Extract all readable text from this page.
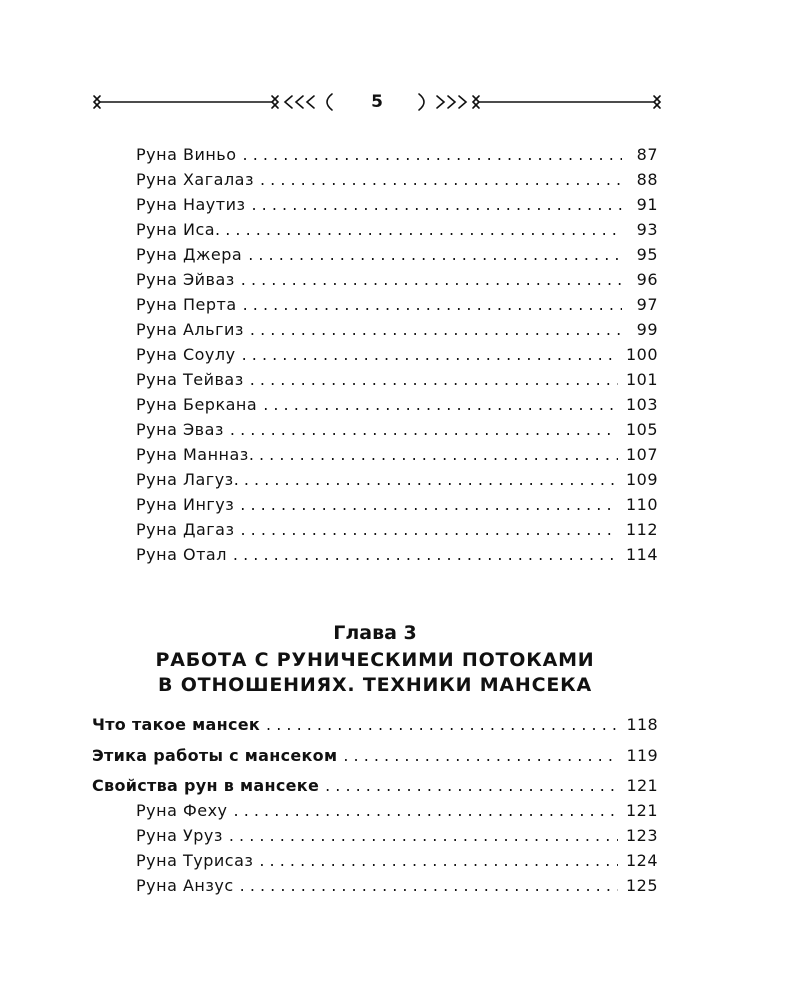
5
Руна Виньо . . .	87
Руна Хагалаз . . .	88
Руна Наутиз . . .	91
Руна Иса . . .	93
Руна Джера . . .	95
Руна Эйваз . . .	96
Руна Перта . . .	97
Руна Альгиз . . .	99
Руна Соулу . . .	100
Руна Тейваз . . .	101
Руна Беркана . . .	103
Руна Эваз . . .	105
Руна Манназ . . .	107
Руна Лагуз . . .	109
Руна Ингуз . . .	110
Руна Дагаз . . .	112
Руна Отал . . .	114
Глава 3
РАБОТА С РУНИЧЕСКИМИ ПОТОКАМИ
В ОТНОШЕНИЯХ. ТЕХНИКИ МАНСЕКА
Что такое мансек . . .	118
Этика работы с мансеком . . .	119
Свойства рун в мансеке . . .	121
Руна Феху . . .	121
Руна Уруз . . .	123
Руна Турисаз . . .	124
Руна Анзус . . .	125
